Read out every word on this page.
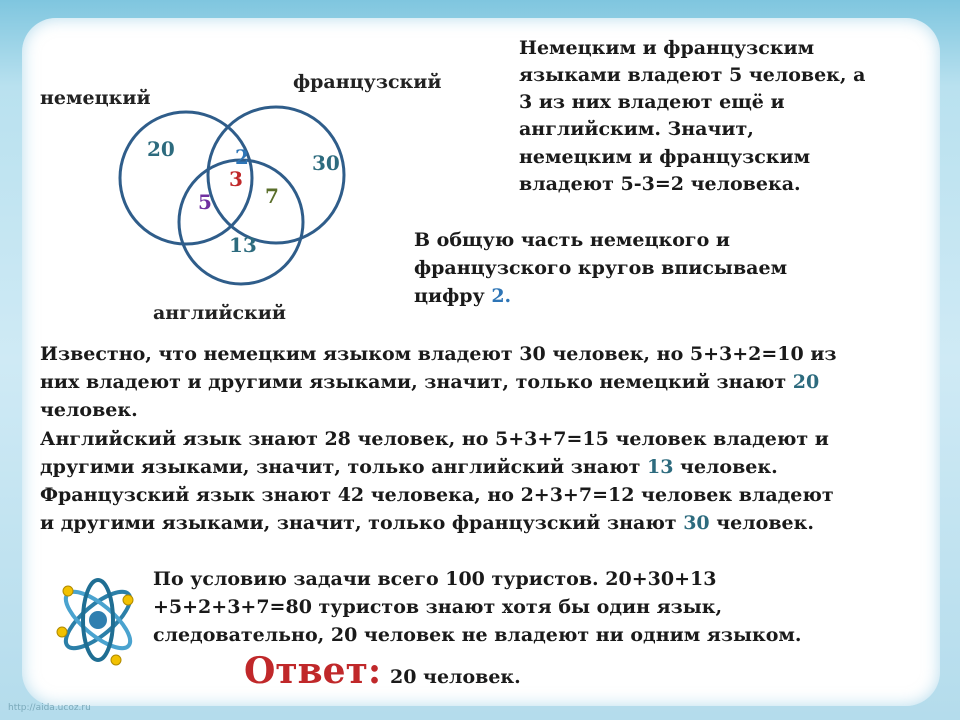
немецкий
французский
английский
20	2
3
30
5	7
13
Немецким и французским
языками владеют 5 человек, а
3 из них владеют ещё и
английским. Значит,
немецким и французским
владеют 5-3=2 человека.
В общую часть немецкого и
французского кругов вписываем
цифру 2.
Известно, что немецким языком владеют 30 человек, но 5+3+2=10 из
них владеют и другими языками, значит, только немецкий знают 20
человек.
Английский язык знают 28 человек, но 5+3+7=15 человек владеют и
другими языками, значит, только английский знают 13 человек.
Французский язык знают 42 человека, но 2+3+7=12 человек владеют
и другими языками, значит, только французский знают 30 человек.
По условию задачи всего 100 туристов. 20+30+13
+5+2+3+7=80 туристов знают хотя бы один язык,
следовательно, 20 человек не владеют ни одним языком.
Ответ: 20 человек.
http://aida.ucoz.ru
